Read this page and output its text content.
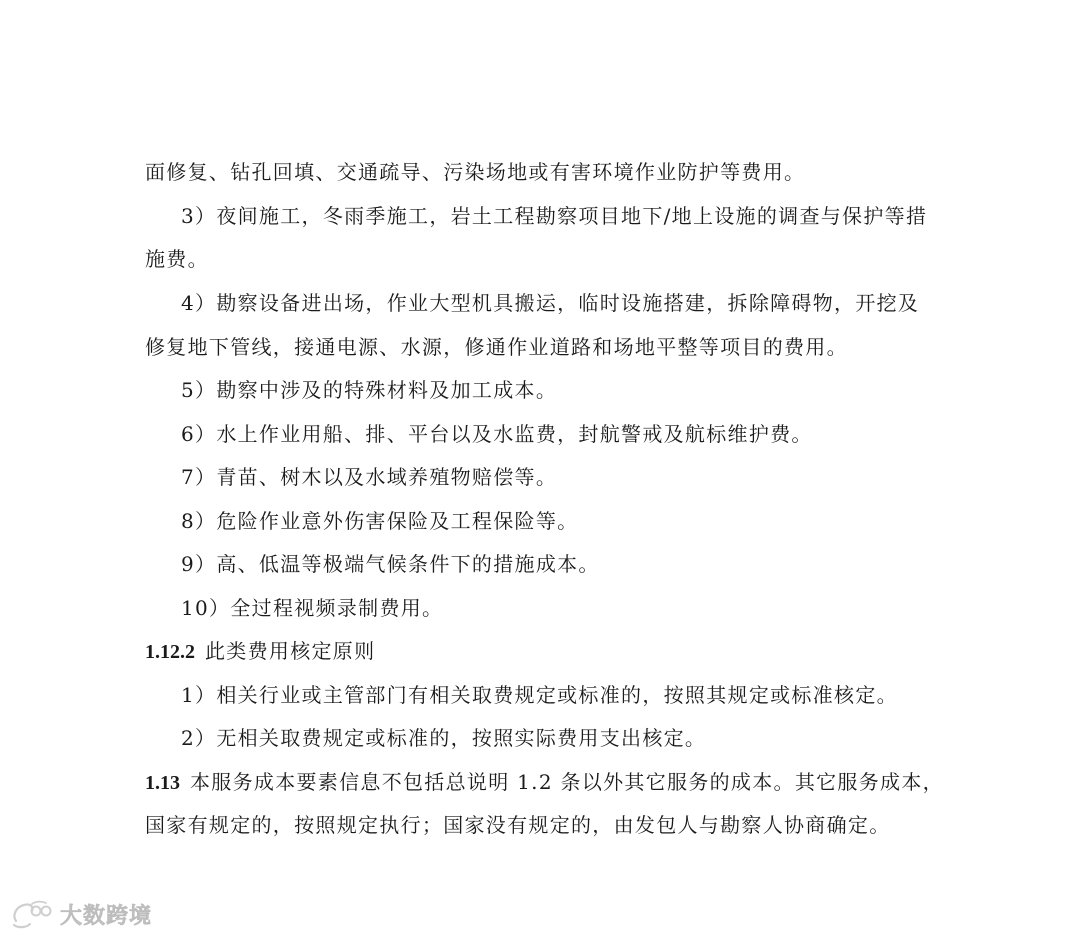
面修复、钻孔回填、交通疏导、污染场地或有害环境作业防护等费用。
3）夜间施工，冬雨季施工，岩土工程勘察项目地下/地上设施的调查与保护等措
施费。
4）勘察设备进出场，作业大型机具搬运，临时设施搭建，拆除障碍物，开挖及
修复地下管线，接通电源、水源，修通作业道路和场地平整等项目的费用。
5）勘察中涉及的特殊材料及加工成本。
6）水上作业用船、排、平台以及水监费，封航警戒及航标维护费。
7）青苗、树木以及水域养殖物赔偿等。
8）危险作业意外伤害保险及工程保险等。
9）高、低温等极端气候条件下的措施成本。
10）全过程视频录制费用。
1.12.2 此类费用核定原则
1）相关行业或主管部门有相关取费规定或标准的，按照其规定或标准核定。
2）无相关取费规定或标准的，按照实际费用支出核定。
1.13 本服务成本要素信息不包括总说明 1.2 条以外其它服务的成本。其它服务成本，
国家有规定的，按照规定执行；国家没有规定的，由发包人与勘察人协商确定。
大数跨境
